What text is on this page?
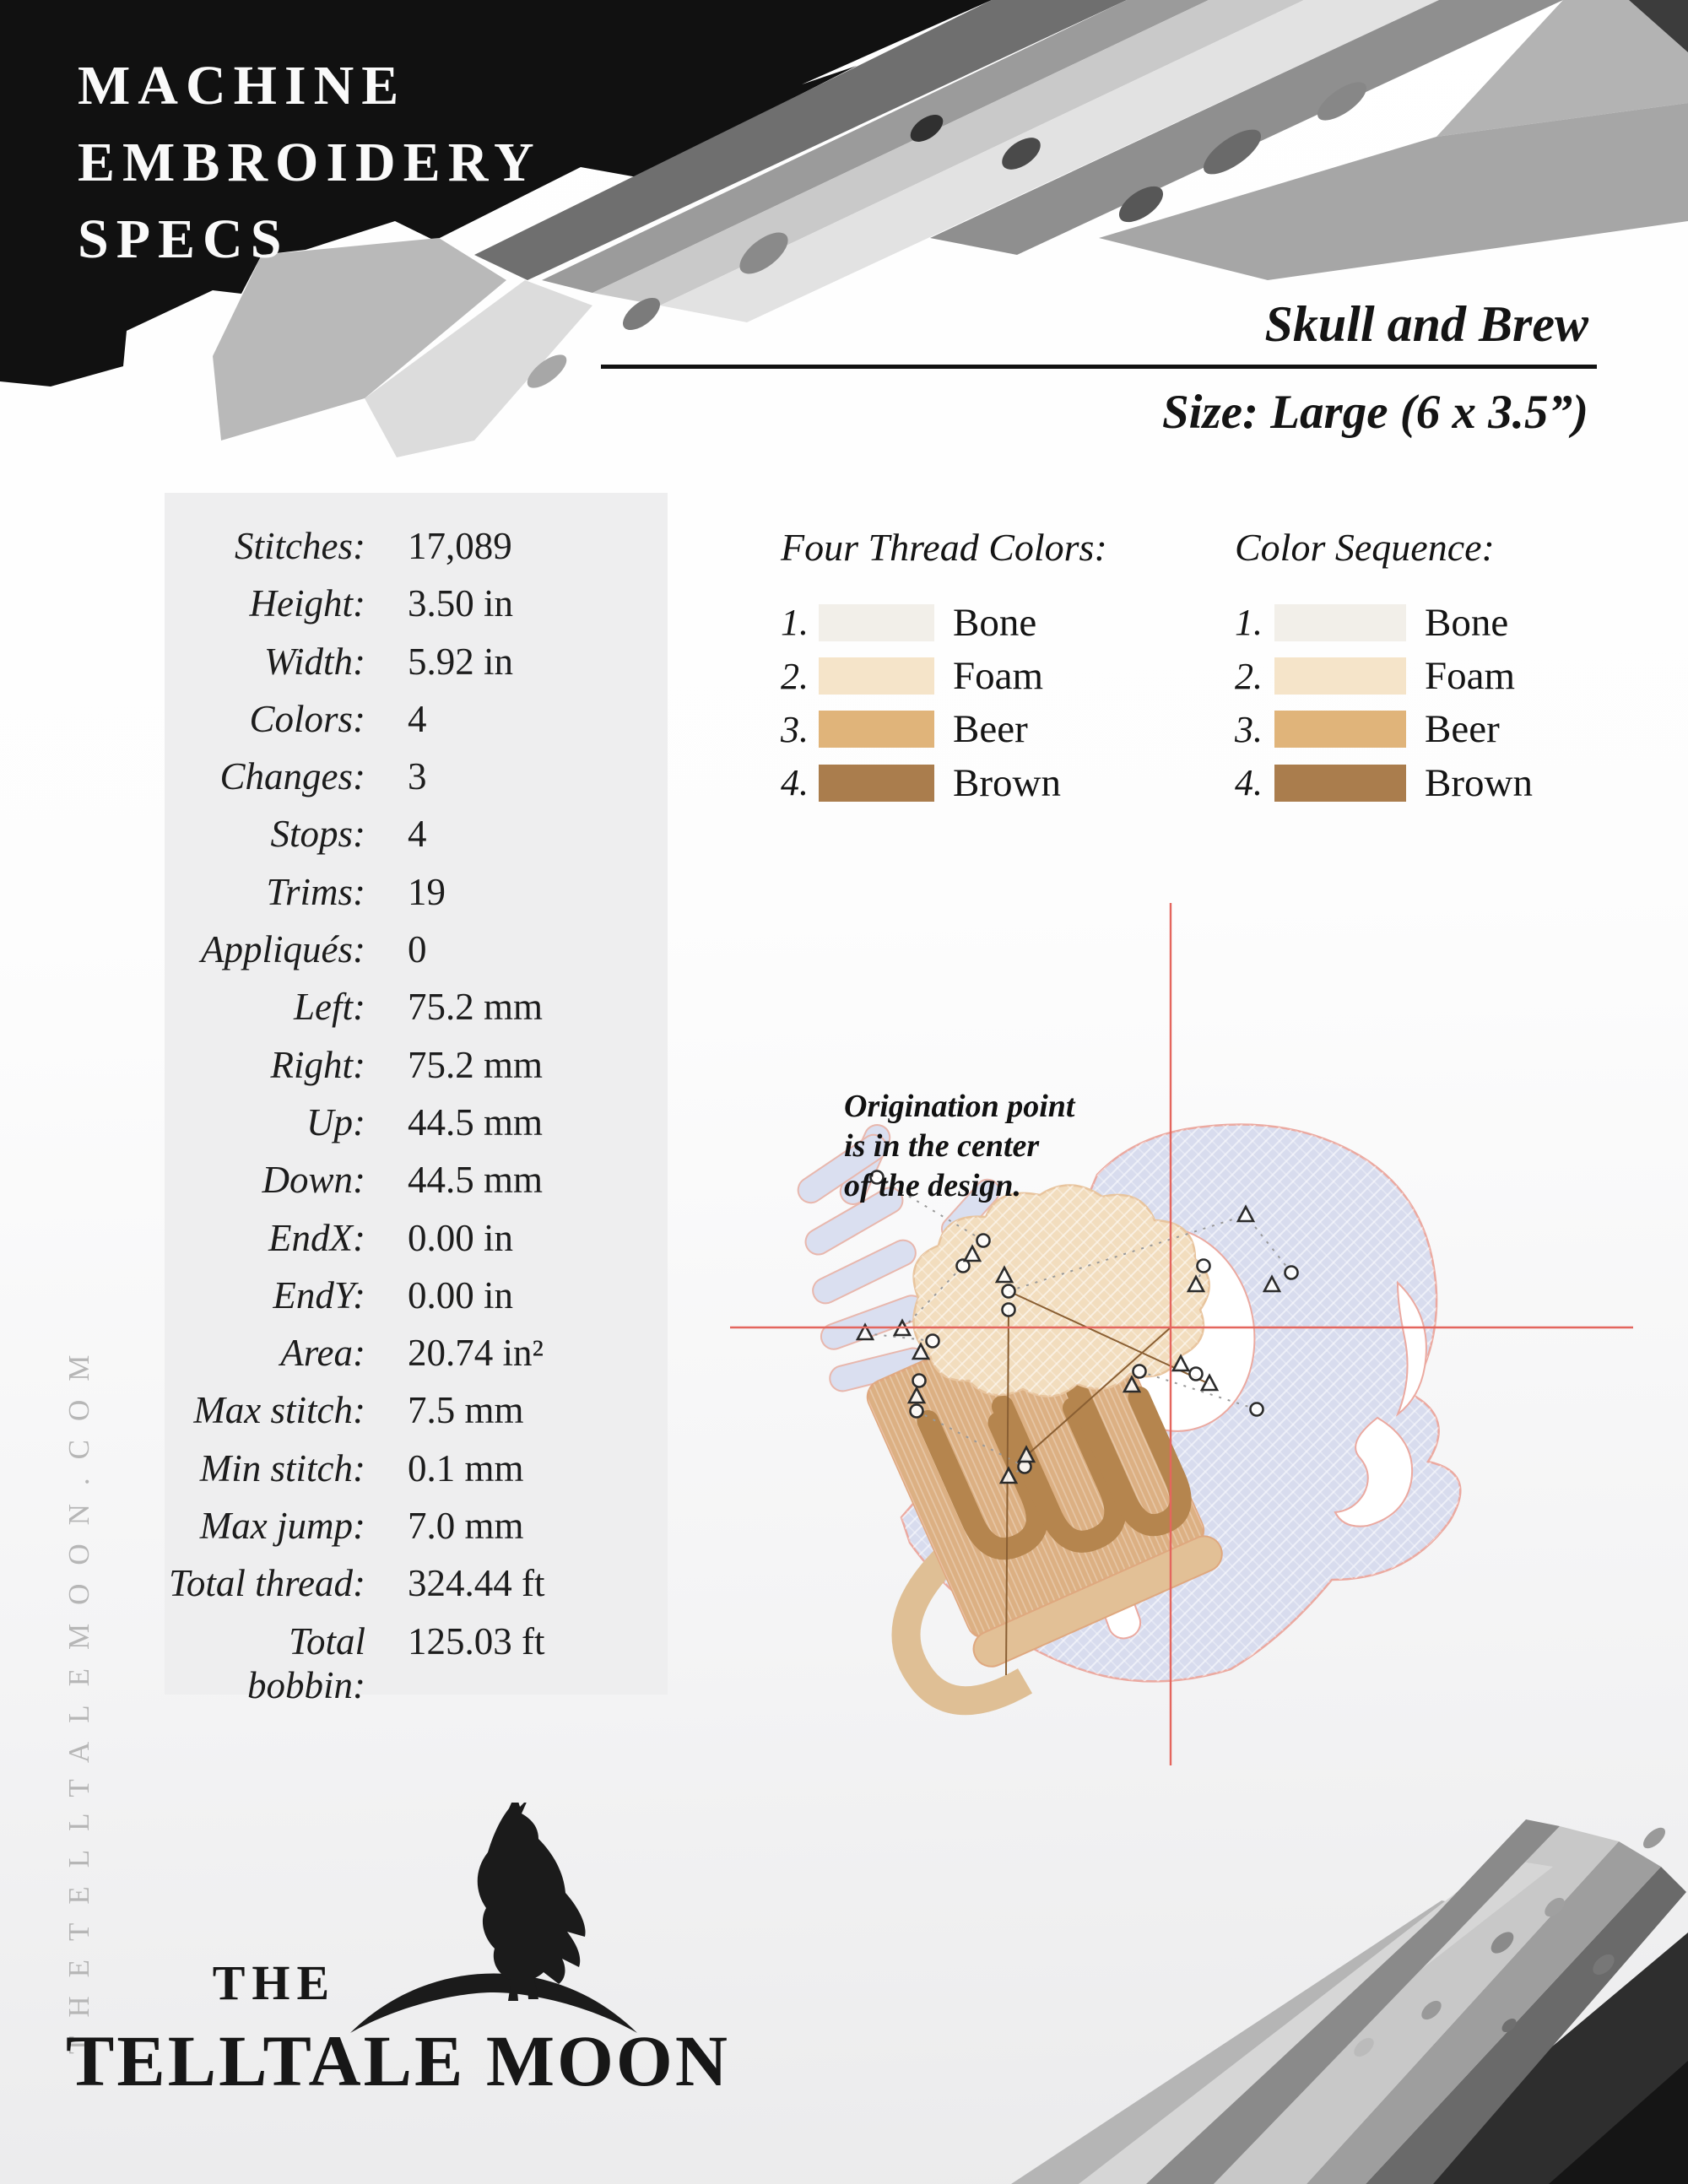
MACHINE
EMBROIDERY
SPECS
Skull and Brew
Size: Large (6 x 3.5”)
Stitches: 17,089
Height: 3.50 in
Width: 5.92 in
Colors: 4
Changes: 3
Stops: 4
Trims: 19
Appliqués: 0
Left: 75.2 mm
Right: 75.2 mm
Up: 44.5 mm
Down: 44.5 mm
EndX: 0.00 in
EndY: 0.00 in
Area: 20.74 in²
Max stitch: 7.5 mm
Min stitch: 0.1 mm
Max jump: 7.0 mm
Total thread: 324.44 ft
Total bobbin:
125.03 ft
Four Thread Colors:
1.	Bone
2.	Foam
3.	Beer
4.	Brown
Color Sequence:
1.	Bone
2.	Foam
3.	Beer
4.	Brown
Origination point
is in the center
of the design.
THETELLTALEMOON.COM	THE
TELLTALE MOON
